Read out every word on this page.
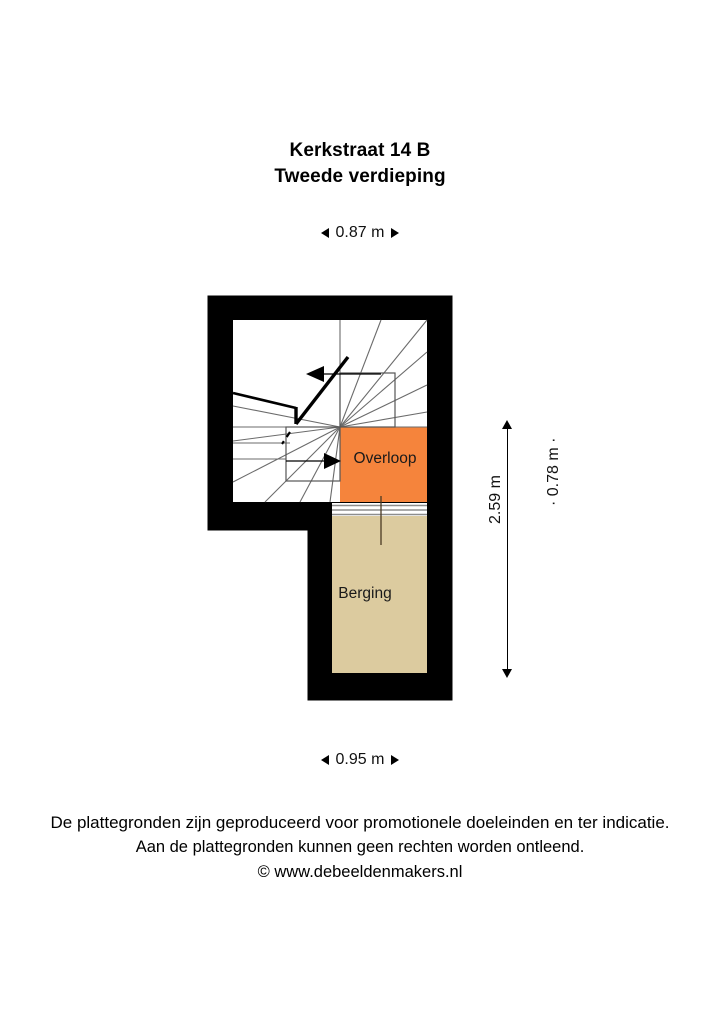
Kerkstraat 14 B
Tweede verdieping
0.87 m
Overloop
Berging
2.59 m	· 0.78 m ·
0.95 m
De plattegronden zijn geproduceerd voor promotionele doeleinden en ter indicatie.
Aan de plattegronden kunnen geen rechten worden ontleend.
© www.debeeldenmakers.nl
